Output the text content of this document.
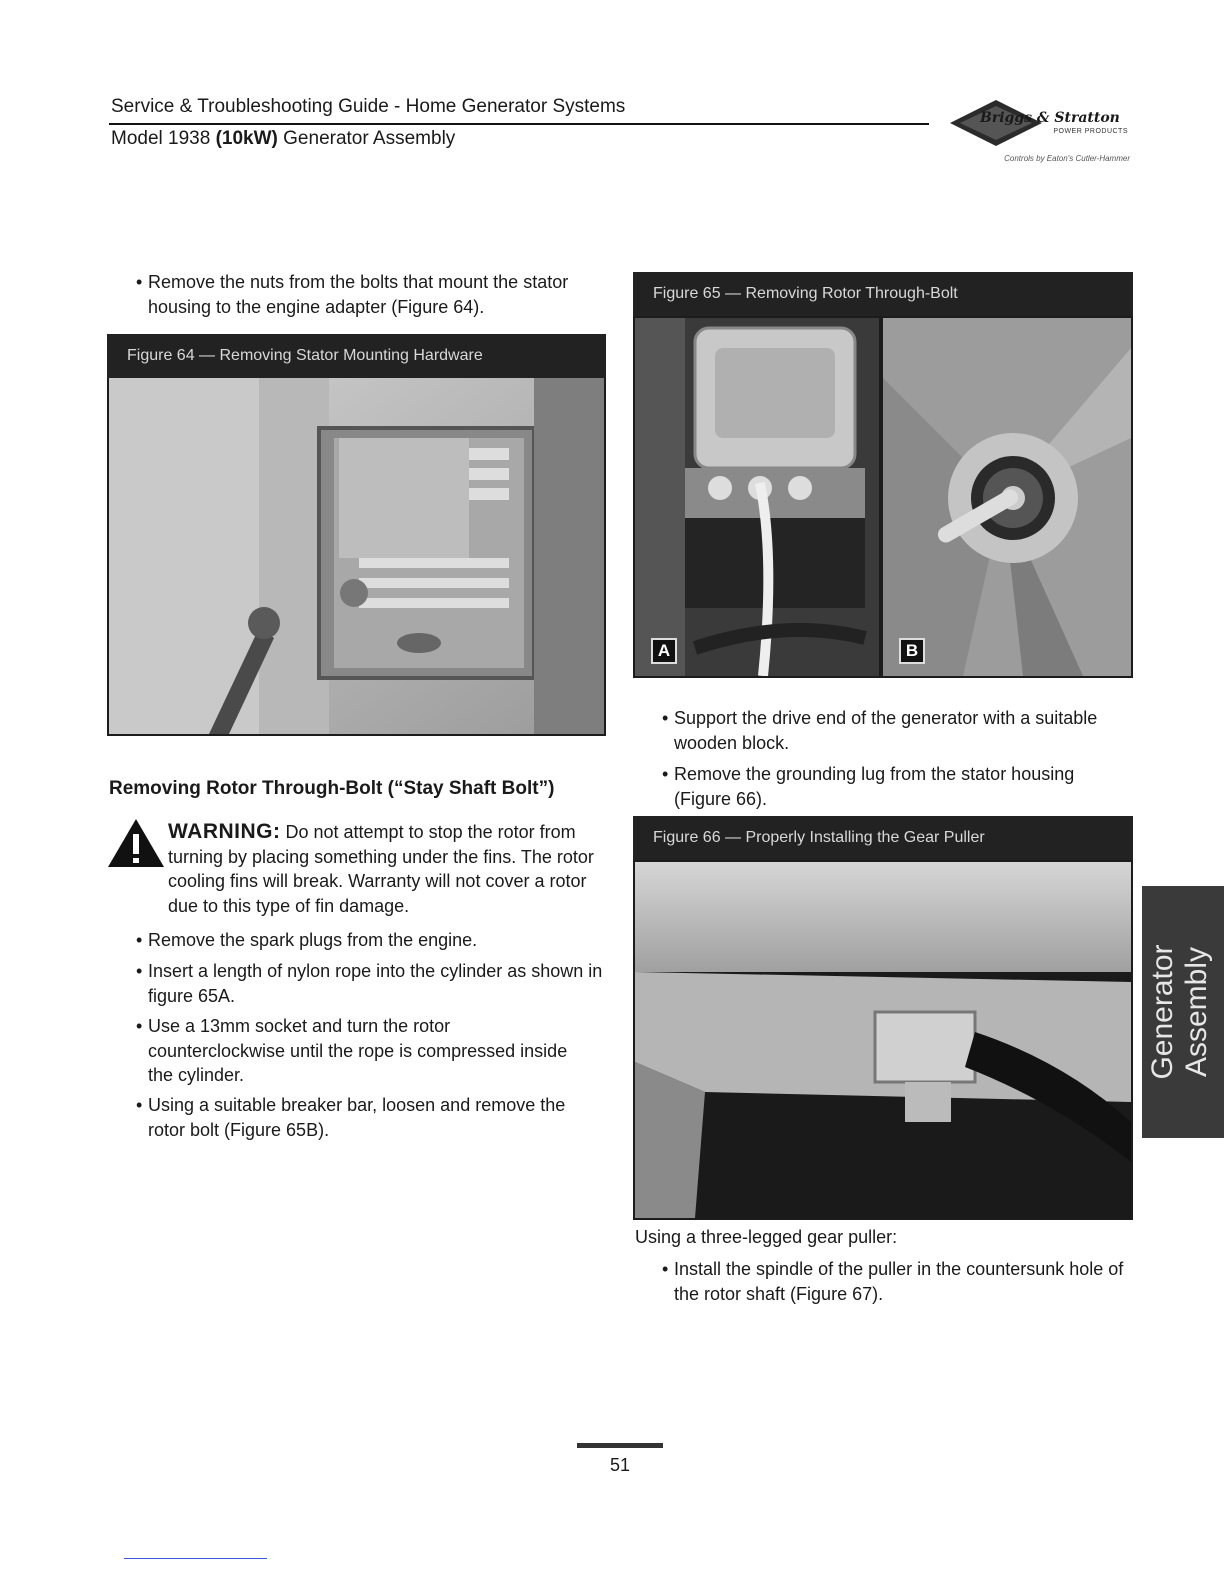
Service & Troubleshooting Guide - Home Generator Systems
Model 1938 (10kW) Generator Assembly
Briggs & Stratton
POWER PRODUCTS
Controls by Eaton's Cutler-Hammer
• Remove the nuts from the bolts that mount the stator housing to the engine adapter (Figure 64).
Figure 64 — Removing Stator Mounting Hardware
Removing Rotor Through-Bolt (“Stay Shaft Bolt”)
WARNING: Do not attempt to stop the rotor from turning by placing something under the fins. The rotor cooling fins will break. Warranty will not cover a rotor due to this type of fin damage.
• Remove the spark plugs from the engine.
• Insert a length of nylon rope into the cylinder as shown in figure 65A.
• Use a 13mm socket and turn the rotor counterclockwise until the rope is compressed inside the cylinder.
• Using a suitable breaker bar, loosen and remove the rotor bolt (Figure 65B).
Figure 65 — Removing Rotor Through-Bolt
A	B
• Support the drive end of the generator with a suitable wooden block.
• Remove the grounding lug from the stator housing (Figure 66).
Figure 66 — Properly Installing the Gear Puller
Using a three-legged gear puller:
• Install the spindle of the puller in the countersunk hole of the rotor shaft (Figure 67).
Generator Assembly
51
